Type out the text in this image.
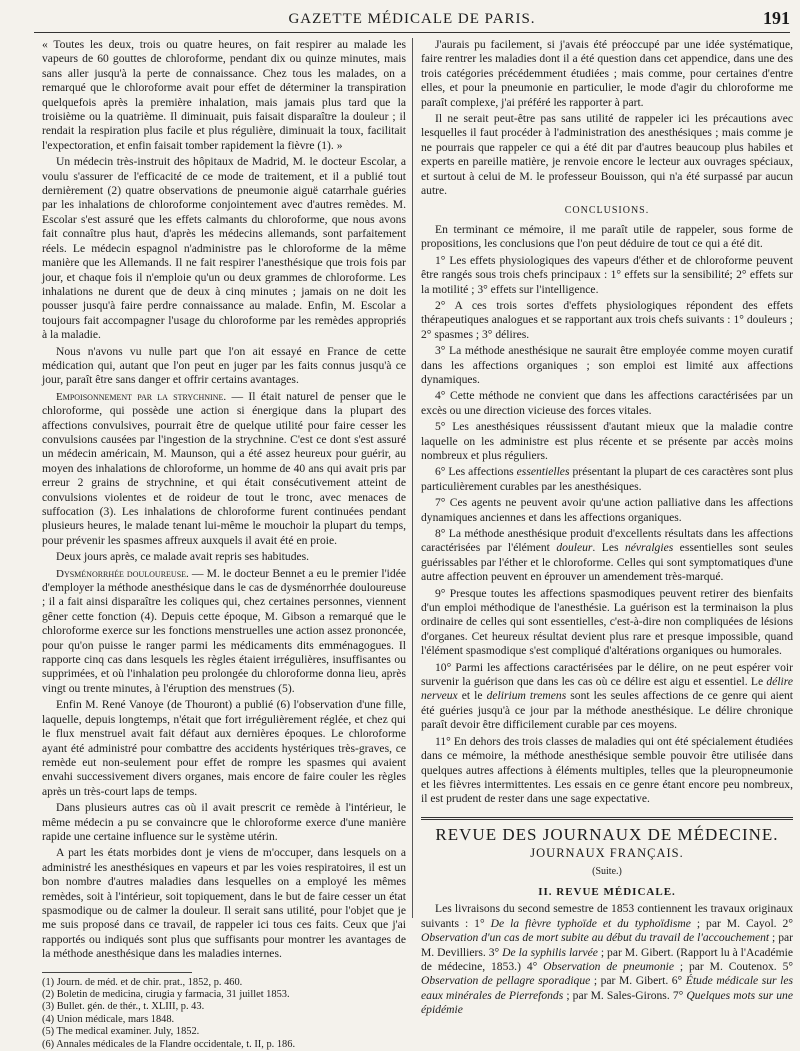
GAZETTE MÉDICALE DE PARIS.	191

« Toutes les deux, trois ou quatre heures, on fait respirer au malade les vapeurs de 60 gouttes de chloroforme, pendant dix ou quinze minutes, mais sans aller jusqu'à la perte de connaissance. Chez tous les malades, on a remarqué que le chloroforme avait pour effet de déterminer la transpiration quelquefois après la première inhalation, mais jamais plus tard que la troisième ou la quatrième. Il diminuait, puis faisait disparaître la douleur ; il rendait la respiration plus facile et plus régulière, diminuait la toux, facilitait l'expectoration, et enfin faisait tomber rapidement la fièvre (1). »

Un médecin très-instruit des hôpitaux de Madrid, M. le docteur Escolar, a voulu s'assurer de l'efficacité de ce mode de traitement, et il a publié tout dernièrement (2) quatre observations de pneumonie aiguë catarrhale guéries par les inhalations de chloroforme conjointement avec d'autres remèdes. M. Escolar s'est assuré que les effets calmants du chloroforme, que nous avons fait connaître plus haut, d'après les médecins allemands, sont parfaitement réels. Le médecin espagnol n'administre pas le chloroforme de la même manière que les Allemands. Il ne fait respirer l'anesthésique que trois fois par jour, et chaque fois il n'emploie qu'un ou deux grammes de chloroforme. Les inhalations ne durent que de deux à cinq minutes ; jamais on ne doit les pousser jusqu'à faire perdre connaissance au malade. Enfin, M. Escolar a toujours fait accompagner l'usage du chloroforme par les remèdes appropriés à la maladie.

Nous n'avons vu nulle part que l'on ait essayé en France de cette médication qui, autant que l'on peut en juger par les faits connus jusqu'à ce jour, paraît être sans danger et offrir certains avantages.

Empoisonnement par la strychnine. — Il était naturel de penser que le chloroforme, qui possède une action si énergique dans la plupart des affections convulsives, pourrait être de quelque utilité pour faire cesser les convulsions causées par l'ingestion de la strychnine. C'est ce dont s'est assuré un médecin américain, M. Maunson, qui a été assez heureux pour guérir, au moyen des inhalations de chloroforme, un homme de 40 ans qui avait pris par erreur 2 grains de strychnine, et qui était consécutivement atteint de convulsions violentes et de roideur de tout le tronc, avec menaces de suffocation (3). Les inhalations de chloroforme furent continuées pendant plusieurs heures, le malade tenant lui-même le mouchoir la plupart du temps, pour prévenir les spasmes affreux auxquels il avait été en proie.

Deux jours après, ce malade avait repris ses habitudes.

Dysménorrhée douloureuse. — M. le docteur Bennet a eu le premier l'idée d'employer la méthode anesthésique dans le cas de dysménorrhée douloureuse ; il a fait ainsi disparaître les coliques qui, chez certaines personnes, viennent gêner cette fonction (4). Depuis cette époque, M. Gibson a remarqué que le chloroforme exerce sur les fonctions menstruelles une action assez prononcée, pour qu'on puisse le ranger parmi les médicaments dits emménagogues. Il rapporte cinq cas dans lesquels les règles étaient irrégulières, insuffisantes ou supprimées, et où l'inhalation peu prolongée du chloroforme donna lieu, après vingt ou trente minutes, à l'éruption des menstrues (5).

Enfin M. René Vanoye (de Thouront) a publié (6) l'observation d'une fille, laquelle, depuis longtemps, n'était que fort irrégulièrement réglée, et chez qui le flux menstruel avait fait défaut aux dernières époques. Le chloroforme ayant été administré pour combattre des accidents hystériques très-graves, ce remède eut non-seulement pour effet de rompre les spasmes qui avaient envahi successivement divers organes, mais encore de faire couler les règles après un très-court laps de temps.

Dans plusieurs autres cas où il avait prescrit ce remède à l'intérieur, le même médecin a pu se convaincre que le chloroforme exerce d'une manière rapide une certaine influence sur le système utérin.

A part les états morbides dont je viens de m'occuper, dans lesquels on a administré les anesthésiques en vapeurs et par les voies respiratoires, il est un bon nombre d'autres maladies dans lesquelles on a employé les mêmes remèdes, soit à l'intérieur, soit topiquement, dans le but de faire cesser un état spasmodique ou de calmer la douleur. Il serait sans utilité, pour l'objet que je me suis proposé dans ce travail, de rappeler ici tous ces faits. Ceux que j'ai rapportés ou indiqués sont plus que suffisants pour montrer les avantages de la méthode anesthésique dans les maladies internes.

(1) Journ. de méd. et de chir. prat., 1852, p. 460.
(2) Boletin de medicina, cirugia y farmacia, 31 juillet 1853.
(3) Bullet. gén. de thér., t. XLIII, p. 43.
(4) Union médicale, mars 1848.
(5) The medical examiner. July, 1852.
(6) Annales médicales de la Flandre occidentale, t. II, p. 186.

J'aurais pu facilement, si j'avais été préoccupé par une idée systématique, faire rentrer les maladies dont il a été question dans cet appendice, dans une des trois catégories précédemment étudiées ; mais comme, pour certaines d'entre elles, et pour la pneumonie en particulier, le mode d'agir du chloroforme me paraît complexe, j'ai préféré les rapporter à part.

Il ne serait peut-être pas sans utilité de rappeler ici les précautions avec lesquelles il faut procéder à l'administration des anesthésiques ; mais comme je ne pourrais que rappeler ce qui a été dit par d'autres beaucoup plus habiles et experts en pareille matière, je renvoie encore le lecteur aux ouvrages spéciaux, et surtout à celui de M. le professeur Bouisson, qui n'a été surpassé par aucun autre.

CONCLUSIONS.

En terminant ce mémoire, il me paraît utile de rappeler, sous forme de propositions, les conclusions que l'on peut déduire de tout ce qui a été dit.

1° Les effets physiologiques des vapeurs d'éther et de chloroforme peuvent être rangés sous trois chefs principaux : 1° effets sur la sensibilité; 2° effets sur la motilité ; 3° effets sur l'intelligence.

2° A ces trois sortes d'effets physiologiques répondent des effets thérapeutiques analogues et se rapportant aux trois chefs suivants : 1° douleurs ; 2° spasmes ; 3° délires.

3° La méthode anesthésique ne saurait être employée comme moyen curatif dans les affections organiques ; son emploi est limité aux affections dynamiques.

4° Cette méthode ne convient que dans les affections caractérisées par un excès ou une direction vicieuse des forces vitales.

5° Les anesthésiques réussissent d'autant mieux que la maladie contre laquelle on les administre est plus récente et se présente par accès moins nombreux et plus réguliers.

6° Les affections essentielles présentant la plupart de ces caractères sont plus particulièrement curables par les anesthésiques.

7° Ces agents ne peuvent avoir qu'une action palliative dans les affections dynamiques anciennes et dans les affections organiques.

8° La méthode anesthésique produit d'excellents résultats dans les affections caractérisées par l'élément douleur. Les névralgies essentielles sont seules guérissables par l'éther et le chloroforme. Celles qui sont symptomatiques d'une autre affection peuvent en éprouver un amendement très-marqué.

9° Presque toutes les affections spasmodiques peuvent retirer des bienfaits d'un emploi méthodique de l'anesthésie. La guérison est la terminaison la plus ordinaire de celles qui sont essentielles, c'est-à-dire non compliquées de lésions d'organes. Cet heureux résultat devient plus rare et presque impossible, quand l'élément spasmodique s'est compliqué d'altérations organiques ou humorales.

10° Parmi les affections caractérisées par le délire, on ne peut espérer voir survenir la guérison que dans les cas où ce délire est aigu et essentiel. Le délire nerveux et le delirium tremens sont les seules affections de ce genre qui aient été guéries jusqu'à ce jour par la méthode anesthésique. Le délire chronique paraît devoir être difficilement curable par ces moyens.

11° En dehors des trois classes de maladies qui ont été spécialement étudiées dans ce mémoire, la méthode anesthésique semble pouvoir être utilisée dans quelques autres affections à éléments multiples, telles que la pleuropneumonie et les fièvres intermittentes. Les essais en ce genre étant encore peu nombreux, il est prudent de rester dans une sage expectative.

REVUE DES JOURNAUX DE MÉDECINE.
JOURNAUX FRANÇAIS.
(Suite.)
II. REVUE MÉDICALE.

Les livraisons du second semestre de 1853 contiennent les travaux originaux suivants : 1° De la fièvre typhoïde et du typhoïdisme ; par M. Cayol. 2° Observation d'un cas de mort subite au début du travail de l'accouchement ; par M. Devilliers. 3° De la syphilis larvée ; par M. Gibert. (Rapport lu à l'Académie de médecine, 1853.) 4° Observation de pneumonie ; par M. Coutenox. 5° Observation de pellagre sporadique ; par M. Gibert. 6° Étude médicale sur les eaux minérales de Pierrefonds ; par M. Sales-Girons. 7° Quelques mots sur une épidémie
